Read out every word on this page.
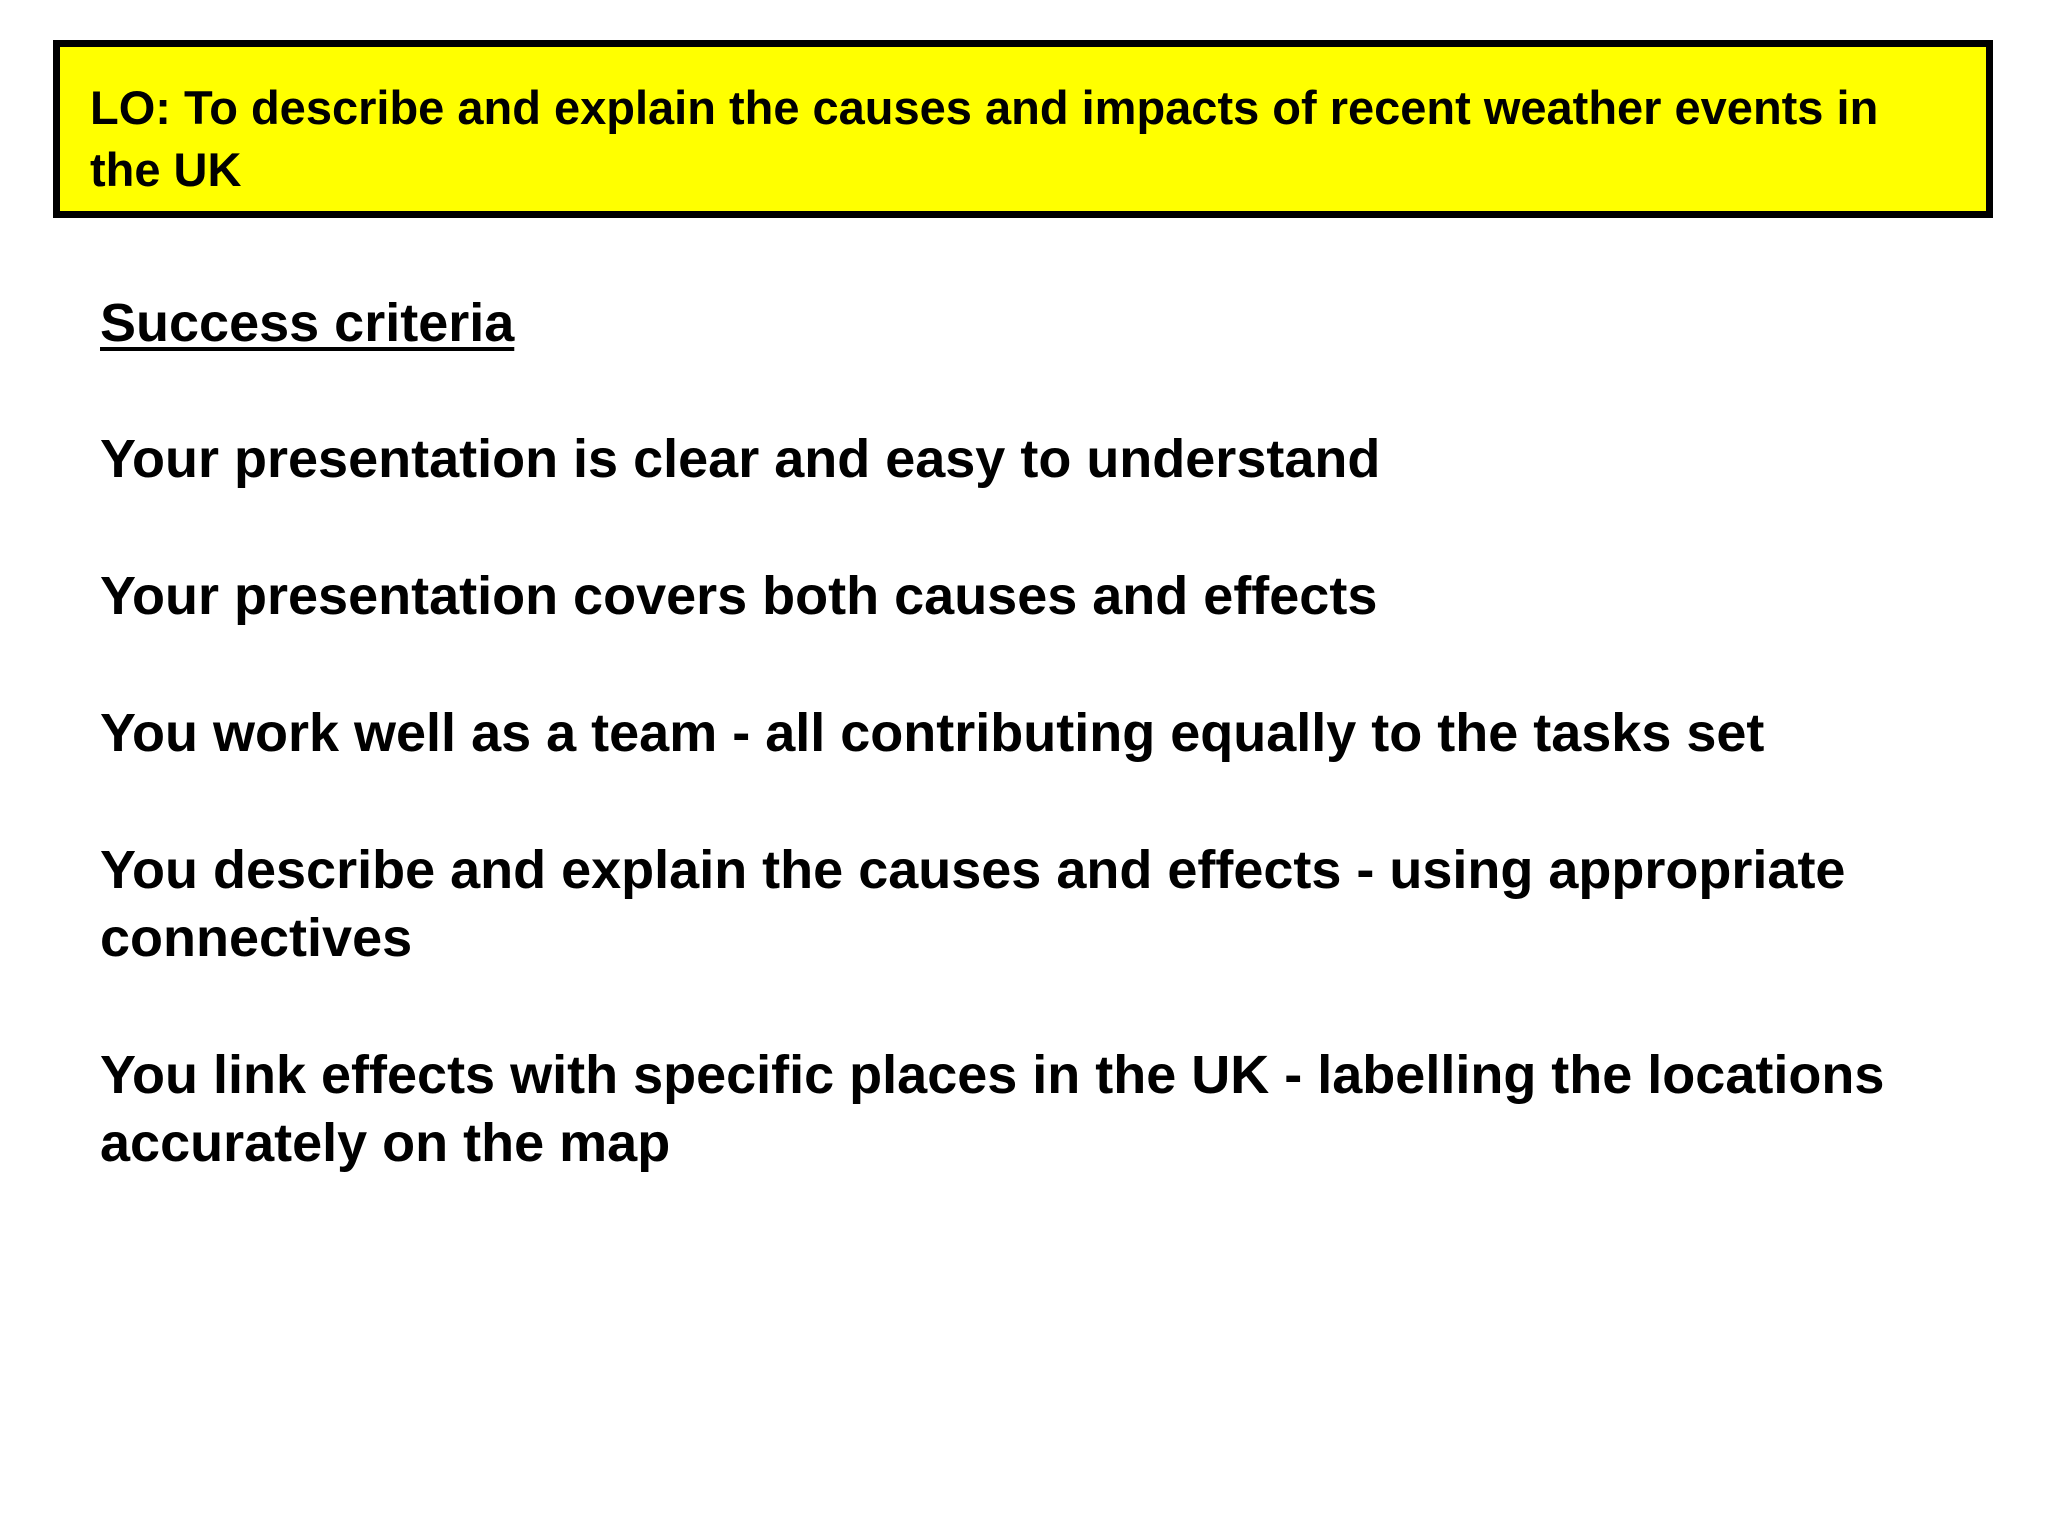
LO: To describe and explain the causes and impacts of recent weather events in the UK

Success criteria

Your presentation is clear and easy to understand
Your presentation covers both causes and effects
You work well as a team - all contributing equally to the tasks set
You describe and explain the causes and effects - using appropriate connectives
You link effects with specific places in the UK - labelling the locations accurately on the map
